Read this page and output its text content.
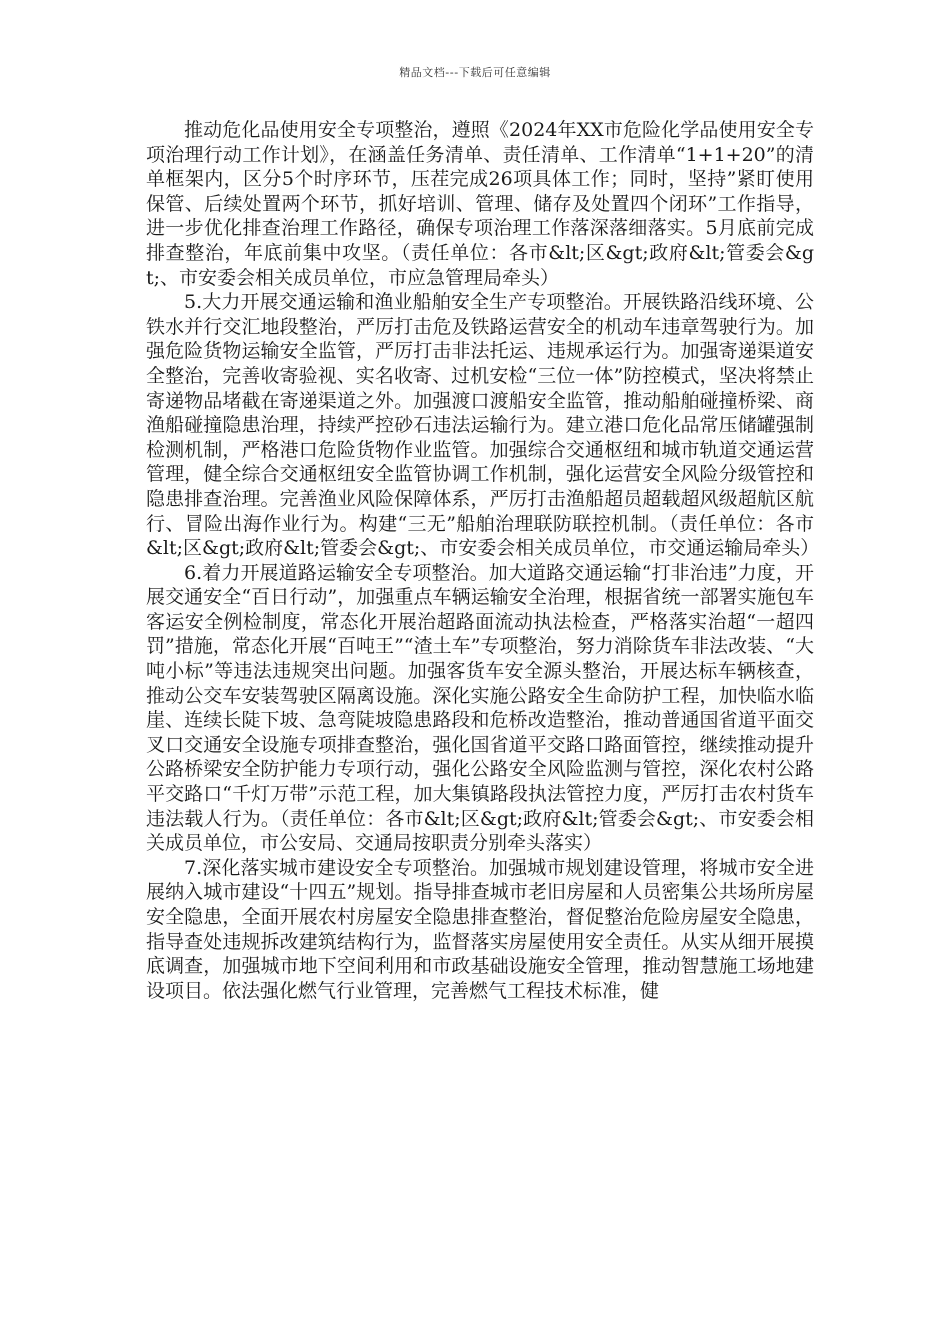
精品文档---下载后可任意编辑

推动危化品使用安全专项整治，遵照《2024年XX市危险化学品使用安全专项治理行动工作计划》，在涵盖任务清单、责任清单、工作清单“1+1+20”的清单框架内，区分5个时序环节，压茬完成26项具体工作；同时，坚持”紧盯使用保管、后续处置两个环节，抓好培训、管理、储存及处置四个闭环”工作指导，进一步优化排查治理工作路径，确保专项治理工作落深落细落实。5月底前完成排查整治，年底前集中攻坚。（责任单位：各市&lt;区&gt;政府&lt;管委会&gt;、市安委会相关成员单位，市应急管理局牵头）

5.大力开展交通运输和渔业船舶安全生产专项整治。开展铁路沿线环境、公铁水并行交汇地段整治，严厉打击危及铁路运营安全的机动车违章驾驶行为。加强危险货物运输安全监管，严厉打击非法托运、违规承运行为。加强寄递渠道安全整治，完善收寄验视、实名收寄、过机安检“三位一体”防控模式，坚决将禁止寄递物品堵截在寄递渠道之外。加强渡口渡船安全监管，推动船舶碰撞桥梁、商渔船碰撞隐患治理，持续严控砂石违法运输行为。建立港口危化品常压储罐强制检测机制，严格港口危险货物作业监管。加强综合交通枢纽和城市轨道交通运营管理，健全综合交通枢纽安全监管协调工作机制，强化运营安全风险分级管控和隐患排查治理。完善渔业风险保障体系，严厉打击渔船超员超载超风级超航区航行、冒险出海作业行为。构建“三无”船舶治理联防联控机制。（责任单位：各市&lt;区&gt;政府&lt;管委会&gt;、市安委会相关成员单位，市交通运输局牵头）

6.着力开展道路运输安全专项整治。加大道路交通运输“打非治违”力度，开展交通安全“百日行动”，加强重点车辆运输安全治理，根据省统一部署实施包车客运安全例检制度，常态化开展治超路面流动执法检查，严格落实治超“一超四罚”措施，常态化开展“百吨王”“渣土车”专项整治，努力消除货车非法改装、“大吨小标”等违法违规突出问题。加强客货车安全源头整治，开展达标车辆核查，推动公交车安装驾驶区隔离设施。深化实施公路安全生命防护工程，加快临水临崖、连续长陡下坡、急弯陡坡隐患路段和危桥改造整治，推动普通国省道平面交叉口交通安全设施专项排查整治，强化国省道平交路口路面管控，继续推动提升公路桥梁安全防护能力专项行动，强化公路安全风险监测与管控，深化农村公路平交路口“千灯万带”示范工程，加大集镇路段执法管控力度，严厉打击农村货车违法载人行为。（责任单位：各市&lt;区&gt;政府&lt;管委会&gt;、市安委会相关成员单位，市公安局、交通局按职责分别牵头落实）

7.深化落实城市建设安全专项整治。加强城市规划建设管理，将城市安全进展纳入城市建设“十四五”规划。指导排查城市老旧房屋和人员密集公共场所房屋安全隐患，全面开展农村房屋安全隐患排查整治，督促整治危险房屋安全隐患，指导查处违规拆改建筑结构行为，监督落实房屋使用安全责任。从实从细开展摸底调查，加强城市地下空间利用和市政基础设施安全管理，推动智慧施工场地建设项目。依法强化燃气行业管理，完善燃气工程技术标准，健
